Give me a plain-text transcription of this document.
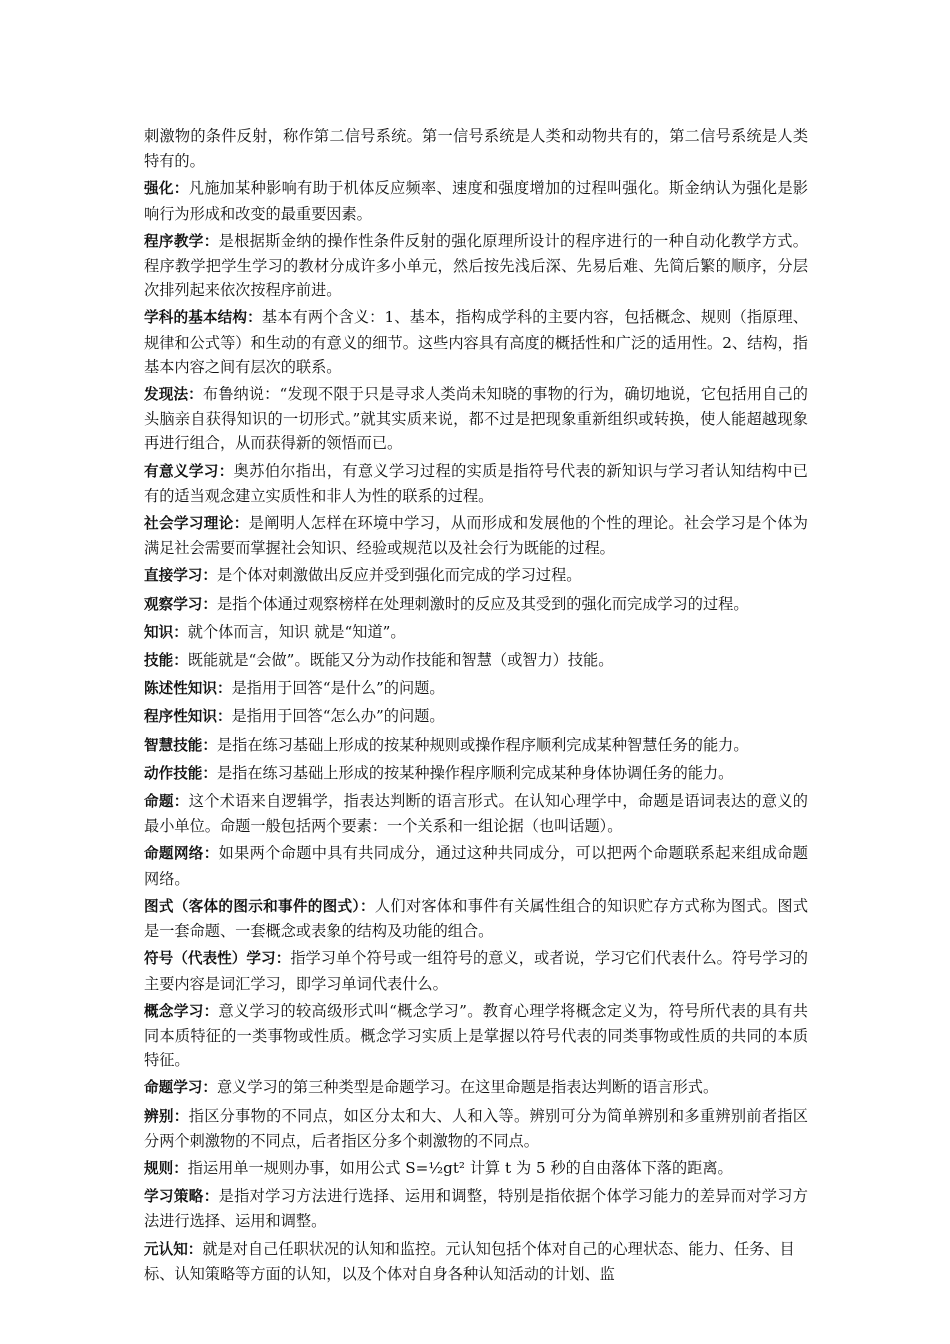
刺激物的条件反射，称作第二信号系统。第一信号系统是人类和动物共有的，第二信号系统是人类特有的。

强化：凡施加某种影响有助于机体反应频率、速度和强度增加的过程叫强化。斯金纳认为强化是影响行为形成和改变的最重要因素。

程序教学：是根据斯金纳的操作性条件反射的强化原理所设计的程序进行的一种自动化教学方式。程序教学把学生学习的教材分成许多小单元，然后按先浅后深、先易后难、先简后繁的顺序，分层次排列起来依次按程序前进。

学科的基本结构：基本有两个含义：1、基本，指构成学科的主要内容，包括概念、规则（指原理、规律和公式等）和生动的有意义的细节。这些内容具有高度的概括性和广泛的适用性。2、结构，指基本内容之间有层次的联系。

发现法：布鲁纳说：“发现不限于只是寻求人类尚未知晓的事物的行为，确切地说，它包括用自己的头脑亲自获得知识的一切形式。”就其实质来说，都不过是把现象重新组织或转换，使人能超越现象再进行组合，从而获得新的领悟而已。

有意义学习：奥苏伯尔指出，有意义学习过程的实质是指符号代表的新知识与学习者认知结构中已有的适当观念建立实质性和非人为性的联系的过程。

社会学习理论：是阐明人怎样在环境中学习，从而形成和发展他的个性的理论。社会学习是个体为满足社会需要而掌握社会知识、经验或规范以及社会行为既能的过程。

直接学习：是个体对刺激做出反应并受到强化而完成的学习过程。

观察学习：是指个体通过观察榜样在处理刺激时的反应及其受到的强化而完成学习的过程。

知识：就个体而言，知识 就是“知道”。

技能：既能就是“会做”。既能又分为动作技能和智慧（或智力）技能。

陈述性知识：是指用于回答“是什么”的问题。

程序性知识：是指用于回答“怎么办”的问题。

智慧技能：是指在练习基础上形成的按某种规则或操作程序顺利完成某种智慧任务的能力。

动作技能：是指在练习基础上形成的按某种操作程序顺利完成某种身体协调任务的能力。

命题：这个术语来自逻辑学，指表达判断的语言形式。在认知心理学中，命题是语词表达的意义的最小单位。命题一般包括两个要素：一个关系和一组论据（也叫话题）。

命题网络：如果两个命题中具有共同成分，通过这种共同成分，可以把两个命题联系起来组成命题网络。

图式（客体的图示和事件的图式）：人们对客体和事件有关属性组合的知识贮存方式称为图式。图式是一套命题、一套概念或表象的结构及功能的组合。

符号（代表性）学习：指学习单个符号或一组符号的意义，或者说，学习它们代表什么。符号学习的主要内容是词汇学习，即学习单词代表什么。

概念学习：意义学习的较高级形式叫“概念学习”。教育心理学将概念定义为，符号所代表的具有共同本质特征的一类事物或性质。概念学习实质上是掌握以符号代表的同类事物或性质的共同的本质特征。

命题学习：意义学习的第三种类型是命题学习。在这里命题是指表达判断的语言形式。

辨别：指区分事物的不同点，如区分太和大、人和入等。辨别可分为简单辨别和多重辨别前者指区分两个刺激物的不同点，后者指区分多个刺激物的不同点。

规则：指运用单一规则办事，如用公式 S=½gt² 计算 t 为 5 秒的自由落体下落的距离。

学习策略：是指对学习方法进行选择、运用和调整，特别是指依据个体学习能力的差异而对学习方法进行选择、运用和调整。

元认知：就是对自己任职状况的认知和监控。元认知包括个体对自己的心理状态、能力、任务、目标、认知策略等方面的认知，以及个体对自身各种认知活动的计划、监
